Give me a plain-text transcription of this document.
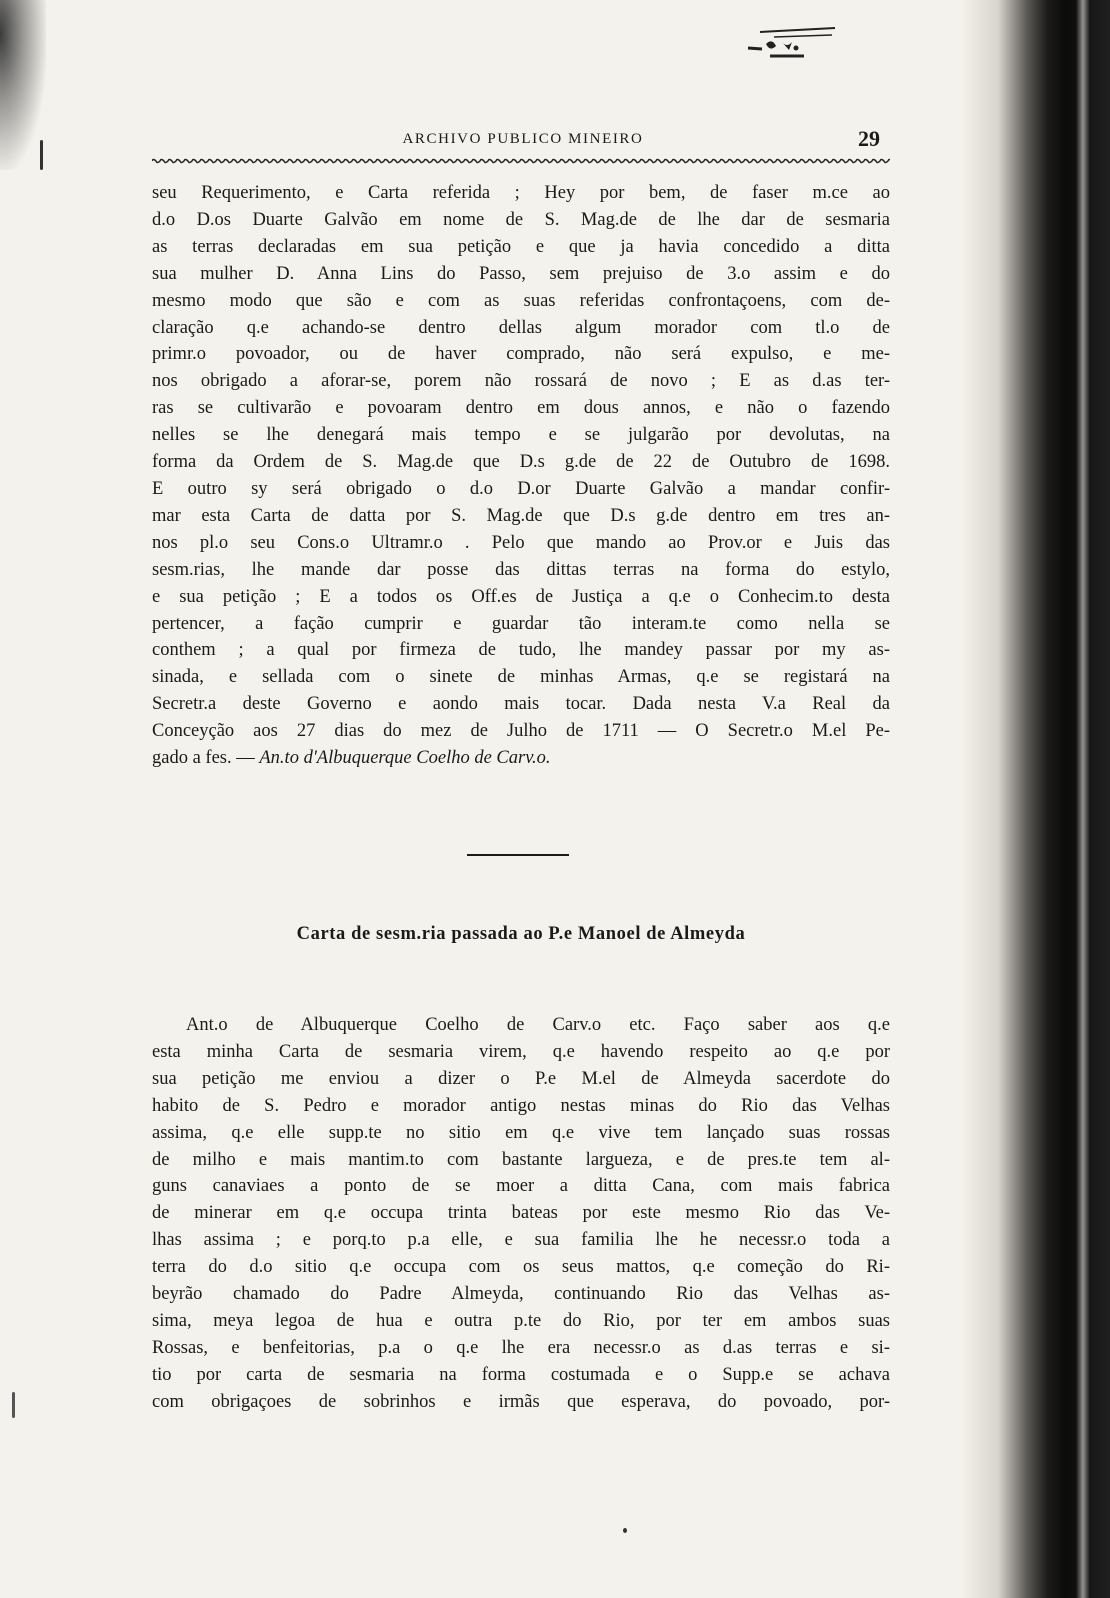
ARCHIVO PUBLICO MINEIRO	29

seu Requerimento, e Carta referida ; Hey por bem, de faser m.ce ao
d.o D.os Duarte Galvão em nome de S. Mag.de de lhe dar de sesmaria
as terras declaradas em sua petição e que ja havia concedido a ditta
sua mulher D. Anna Lins do Passo, sem prejuiso de 3.o assim e do
mesmo modo que são e com as suas referidas confrontaçoens, com de-
claração q.e achando-se dentro dellas algum morador com tl.o de
primr.o povoador, ou de haver comprado, não será expulso, e me-
nos obrigado a aforar-se, porem não rossará de novo ; E as d.as ter-
ras se cultivarão e povoaram dentro em dous annos, e não o fazendo
nelles se lhe denegará mais tempo e se julgarão por devolutas, na
forma da Ordem de S. Mag.de que D.s g.de de 22 de Outubro de 1698.
E outro sy será obrigado o d.o D.or Duarte Galvão a mandar confir-
mar esta Carta de datta por S. Mag.de que D.s g.de dentro em tres an-
nos pl.o seu Cons.o Ultramr.o . Pelo que mando ao Prov.or e Juis das
sesm.rias, lhe mande dar posse das dittas terras na forma do estylo,
e sua petição ; E a todos os Off.es de Justiça a q.e o Conhecim.to desta
pertencer, a fação cumprir e guardar tão interam.te como nella se
conthem ; a qual por firmeza de tudo, lhe mandey passar por my as-
sinada, e sellada com o sinete de minhas Armas, q.e se registará na
Secretr.a deste Governo e aondo mais tocar. Dada nesta V.a Real da
Conceyção aos 27 dias do mez de Julho de 1711 — O Secretr.o M.el Pe-
gado a fes. — An.to d'Albuquerque Coelho de Carv.o.

Carta de sesm.ria passada ao P.e Manoel de Almeyda

Ant.o de Albuquerque Coelho de Carv.o etc. Faço saber aos q.e
esta minha Carta de sesmaria virem, q.e havendo respeito ao q.e por
sua petição me enviou a dizer o P.e M.el de Almeyda sacerdote do
habito de S. Pedro e morador antigo nestas minas do Rio das Velhas
assima, q.e elle supp.te no sitio em q.e vive tem lançado suas rossas
de milho e mais mantim.to com bastante largueza, e de pres.te tem al-
guns canaviaes a ponto de se moer a ditta Cana, com mais fabrica
de minerar em q.e occupa trinta bateas por este mesmo Rio das Ve-
lhas assima ; e porq.to p.a elle, e sua familia lhe he necessr.o toda a
terra do d.o sitio q.e occupa com os seus mattos, q.e começão do Ri-
beyrão chamado do Padre Almeyda, continuando Rio das Velhas as-
sima, meya legoa de hua e outra p.te do Rio, por ter em ambos suas
Rossas, e benfeitorias, p.a o q.e lhe era necessr.o as d.as terras e si-
tio por carta de sesmaria na forma costumada e o Supp.e se achava
com obrigaçoes de sobrinhos e irmãs que esperava, do povoado, por-
